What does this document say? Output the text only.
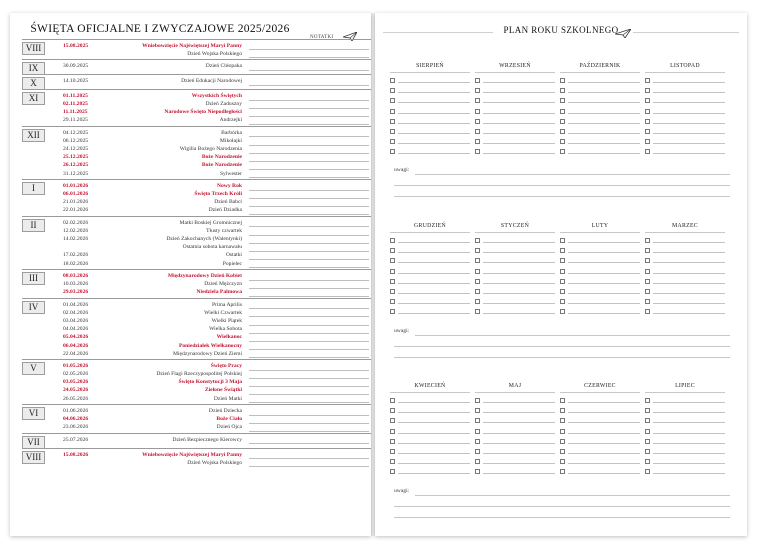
ŚWIĘTA OFICJALNE I ZWYCZAJOWE 2025/2026
NOTATKI
VIII	15.08.2025	Wniebowzięcie Najświętszej Maryi Panny
Dzień Wojska Polskiego
IX	30.09.2025	Dzień Chłopaka
X	14.10.2025	Dzień Edukacji Narodowej
XI	01.11.2025	Wszystkich Świętych
02.11.2025	Dzień Zaduszny
11.11.2025	Narodowe Święto Niepodległości
29.11.2025	Andrzejki
XII	04.12.2025	Barbórka
06.12.2025	Mikołajki
24.12.2025	Wigilia Bożego Narodzenia
25.12.2025	Boże Narodzenie
26.12.2025	Boże Narodzenie
31.12.2025	Sylwester
I	01.01.2026	Nowy Rok
06.01.2026	Święto Trzech Króli
21.01.2026	Dzień Babci
22.01.2026	Dzień Dziadka
II	02.02.2026	Matki Boskiej Gromnicznej
12.02.2026	Tłusty czwartek
14.02.2026	Dzień Zakochanych (Walentynki)
Ostatnia sobota karnawału
17.02.2026	Ostatki
18.02.2026	Popielec
III	08.03.2026	Międzynarodowy Dzień Kobiet
10.03.2026	Dzień Mężczyzn
29.03.2026	Niedziela Palmowa
IV	01.04.2026	Prima Aprilis
02.04.2026	Wielki Czwartek
03.04.2026	Wielki Piątek
04.04.2026	Wielka Sobota
05.04.2026	Wielkanoc
06.04.2026	Poniedziałek Wielkanocny
22.04.2026	Międzynarodowy Dzień Ziemi
V	01.05.2026	Święto Pracy
02.05.2026	Dzień Flagi Rzeczypospolitej Polskiej
03.05.2026	Święto Konstytucji 3 Maja
24.05.2026	Zielone Świątki
26.05.2026	Dzień Matki
VI	01.06.2026	Dzień Dziecka
04.06.2026	Boże Ciało
23.06.2026	Dzień Ojca
VII	25.07.2026	Dzień Bezpiecznego Kierowcy
VIII	15.08.2026	Wniebowzięcie Najświętszej Maryi Panny
Dzień Wojska Polskiego
PLAN ROKU SZKOLNEGO
SIERPIEŃ	WRZESIEŃ	PAŹDZIERNIK	LISTOPAD
uwagi:
GRUDZIEŃ	STYCZEŃ	LUTY	MARZEC
uwagi:
KWIECIEŃ	MAJ	CZERWIEC	LIPIEC
uwagi:
